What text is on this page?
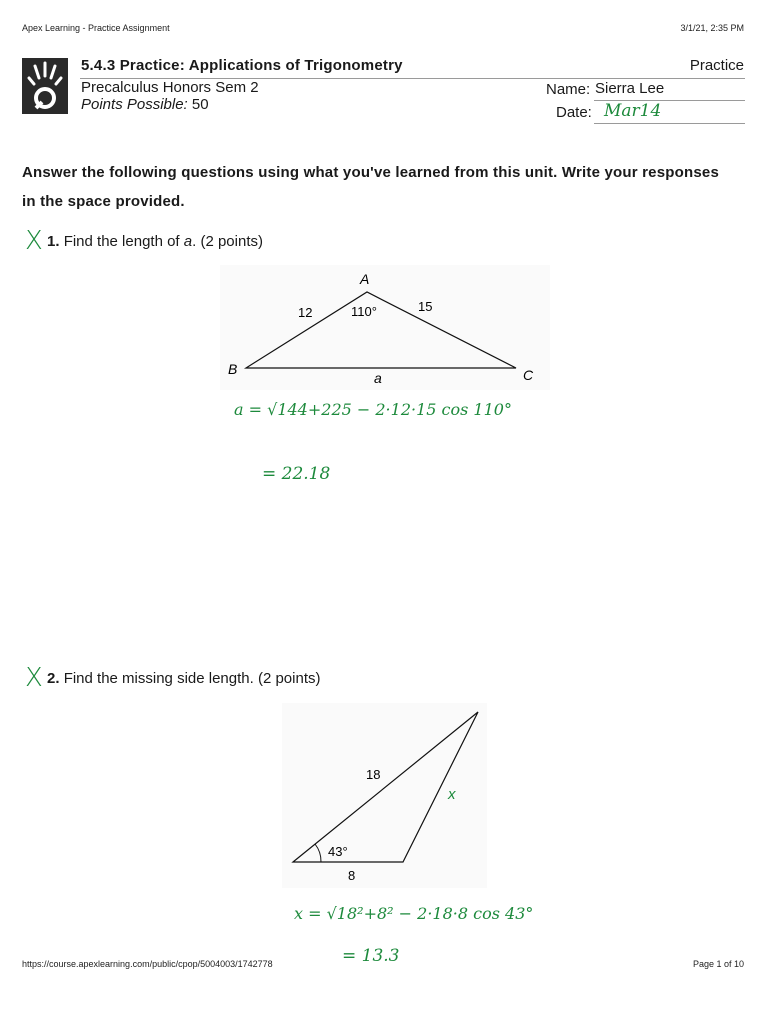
Apex Learning - Practice Assignment	3/1/21, 2:35 PM
5.4.3 Practice: Applications of Trigonometry	Practice
Precalculus Honors Sem 2
Points Possible: 50
Name: Sierra Lee
Date: Mar14
Answer the following questions using what you've learned from this unit. Write your responses in the space provided.
X 1. Find the length of a. (2 points)
A
B	C
12	15
110°
a
a = √144+225 − 2·12·15 cos 110°
= 22.18
X 2. Find the missing side length. (2 points)
43°
18
8
x
x = √18²+8² − 2·18·8 cos 43°
= 13.3
https://course.apexlearning.com/public/cpop/5004003/1742778	Page 1 of 10
